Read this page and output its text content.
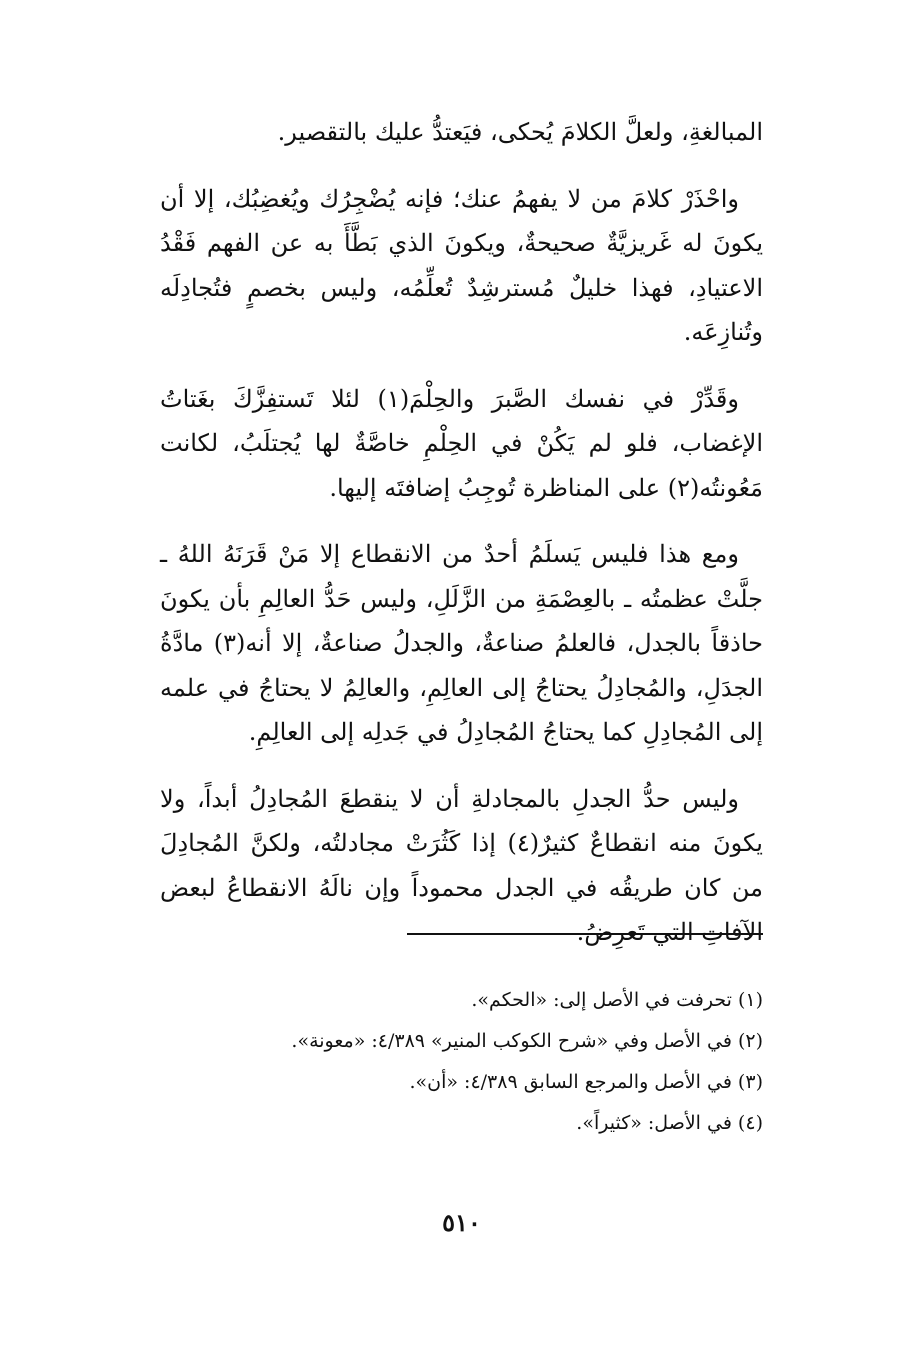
المبالغةِ، ولعلَّ الكلامَ يُحكى، فيَعتدُّ عليك بالتقصير.

واحْذَرْ كلامَ من لا يفهمُ عنك؛ فإنه يُضْجِرُك ويُغضِبُك، إلا أن يكونَ له غَريزيَّةٌ صحيحةٌ، ويكونَ الذي بَطَّأَ به عن الفهم فَقْدُ الاعتيادِ، فهذا خليلٌ مُسترشِدٌ تُعلِّمُه، وليس بخصمٍ فتُجادِلَه وتُنازِعَه.

وقَدِّرْ في نفسك الصَّبرَ والحِلْمَ(١) لئلا تَستفِزَّكَ بغَتاتُ الإغضاب، فلو لم يَكُنْ في الحِلْمِ خاصَّةٌ لها يُجتلَبُ، لكانت مَعُونتُه(٢) على المناظرة تُوجِبُ إضافتَه إليها.

ومع هذا فليس يَسلَمُ أحدٌ من الانقطاع إلا مَنْ قَرَنَهُ اللهُ ـ جلَّتْ عظمتُه ـ بالعِصْمَةِ من الزَّلَلِ، وليس حَدُّ العالِمِ بأن يكونَ حاذقاً بالجدل، فالعلمُ صناعةٌ، والجدلُ صناعةٌ، إلا أنه(٣) مادَّةُ الجدَلِ، والمُجادِلُ يحتاجُ إلى العالِمِ، والعالِمُ لا يحتاجُ في علمه إلى المُجادِلِ كما يحتاجُ المُجادِلُ في جَدلِه إلى العالِمِ.

وليس حدُّ الجدلِ بالمجادلةِ أن لا ينقطعَ المُجادِلُ أبداً، ولا يكونَ منه انقطاعٌ كثيرٌ(٤) إذا كَثُرَتْ مجادلتُه، ولكنَّ المُجادِلَ من كان طريقُه في الجدل محموداً وإن نالَهُ الانقطاعُ لبعض الآفاتِ التي تَعرِضُ.

(١) تحرفت في الأصل إلى: «الحكم».

(٢) في الأصل وفي «شرح الكوكب المنير» ٤/٣٨٩: «معونة».

(٣) في الأصل والمرجع السابق ٤/٣٨٩: «أن».

(٤) في الأصل: «كثيراً».

٥١٠
